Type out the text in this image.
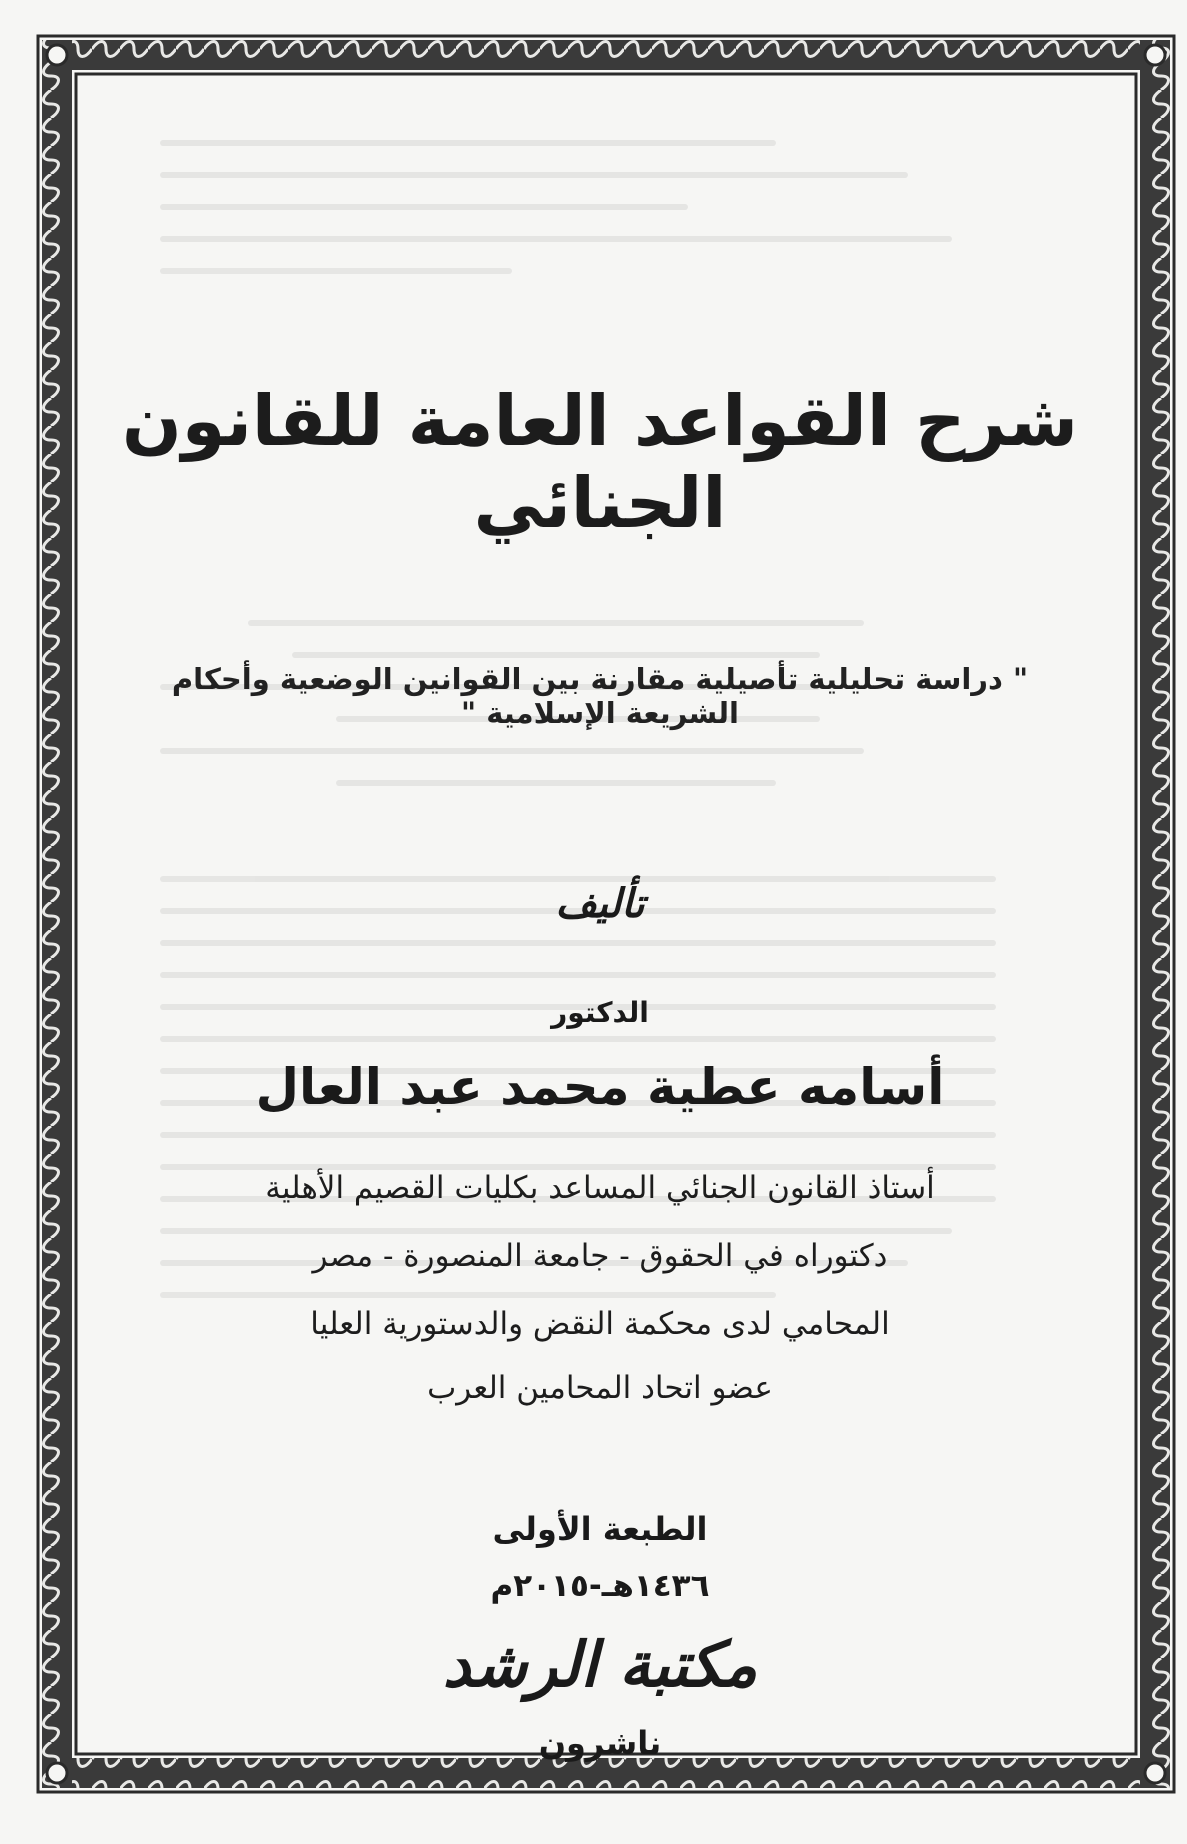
شرح القواعد العامة للقانون الجنائي
" دراسة تحليلية تأصيلية مقارنة بين القوانين الوضعية وأحكام الشريعة الإسلامية "
تأليف
الدكتور
أسامه عطية محمد عبد العال
أستاذ القانون الجنائي المساعد بكليات القصيم الأهلية
دكتوراه في الحقوق - جامعة المنصورة - مصر
المحامي لدى محكمة النقض والدستورية العليا
عضو اتحاد المحامين العرب
الطبعة الأولى
١٤٣٦هـ-٢٠١٥م
مكتبة الرشد
ناشرون
